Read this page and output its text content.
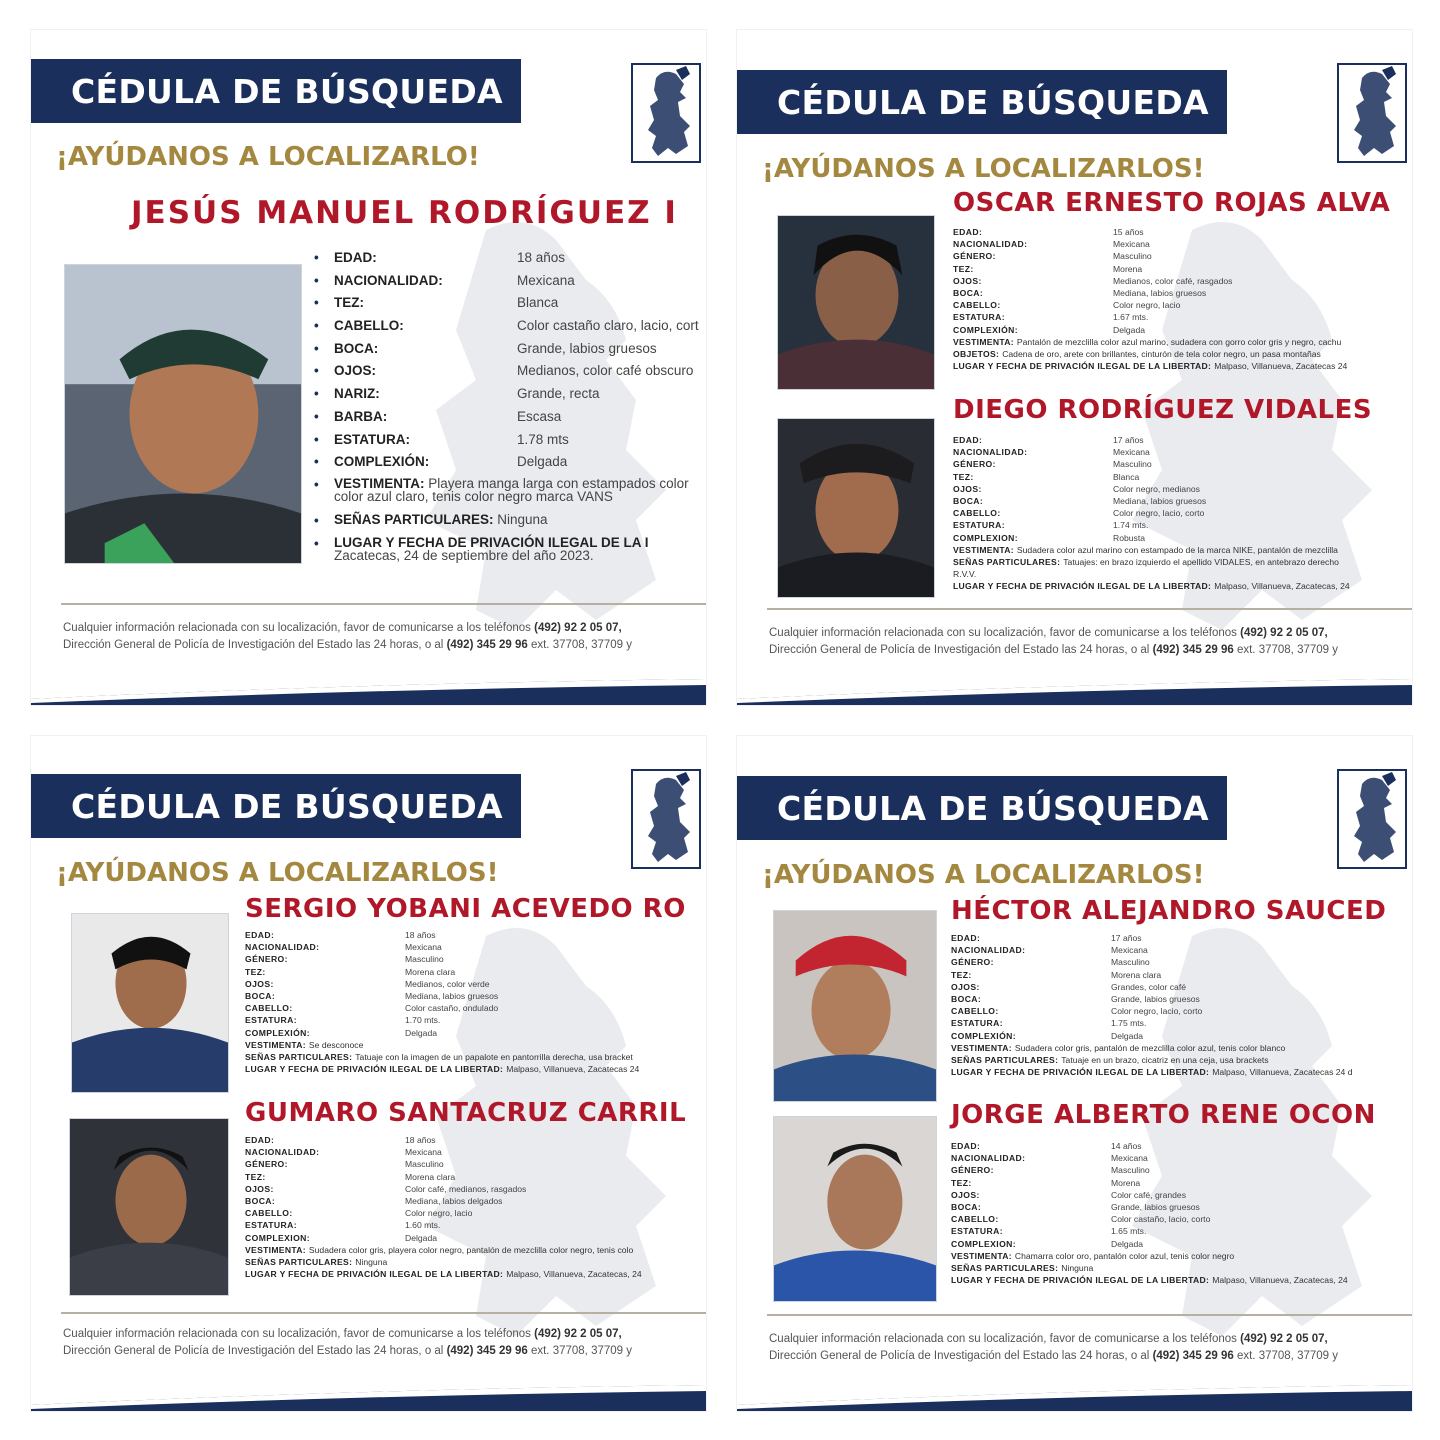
CÉDULA DE BÚSQUEDA
¡AYÚDANOS A LOCALIZARLO!
JESÚS MANUEL RODRÍGUEZ I
•	EDAD:	18 años
•	NACIONALIDAD:	Mexicana
•	TEZ:	Blanca
•	CABELLO:	Color castaño claro, lacio, cort
•	BOCA:	Grande, labios gruesos
•	OJOS:	Medianos, color café obscuro
•	NARIZ:	Grande, recta
•	BARBA:	Escasa
•	ESTATURA:	1.78 mts
•	COMPLEXIÓN:	Delgada
•	VESTIMENTA: Playera manga larga con estampados color
color azul claro, tenis color negro marca VANS
•	SEÑAS PARTICULARES: Ninguna
•	LUGAR Y FECHA DE PRIVACIÓN ILEGAL DE LA I
Zacatecas, 24 de septiembre del año 2023.
Cualquier información relacionada con su localización, favor de comunicarse a los teléfonos (492) 92 2 05 07,
Dirección General de Policía de Investigación del Estado las 24 horas, o al (492) 345 29 96 ext. 37708, 37709 y
CÉDULA DE BÚSQUEDA
¡AYÚDANOS A LOCALIZARLOS!
OSCAR ERNESTO ROJAS ALVA
EDAD:	15 años
NACIONALIDAD:	Mexicana
GÉNERO:	Masculino
TEZ:	Morena
OJOS:	Medianos, color café, rasgados
BOCA:	Mediana, labios gruesos
CABELLO:	Color negro, lacio
ESTATURA:	1.67 mts.
COMPLEXIÓN:	Delgada
VESTIMENTA: Pantalón de mezclilla color azul marino, sudadera con gorro color gris y negro, cachu
OBJETOS: Cadena de oro, arete con brillantes, cinturón de tela color negro, un pasa montañas
LUGAR Y FECHA DE PRIVACIÓN ILEGAL DE LA LIBERTAD: Malpaso, Villanueva, Zacatecas 24
DIEGO RODRÍGUEZ VIDALES
EDAD:	17 años
NACIONALIDAD:	Mexicana
GÉNERO:	Masculino
TEZ:	Blanca
OJOS:	Color negro, medianos
BOCA:	Mediana, labios gruesos
CABELLO:	Color negro, lacio, corto
ESTATURA:	1.74 mts.
COMPLEXION:	Robusta
VESTIMENTA: Sudadera color azul marino con estampado de la marca NIKE, pantalón de mezclilla
SEÑAS PARTICULARES: Tatuajes: en brazo izquierdo el apellido VIDALES, en antebrazo derecho
R.V.V.
LUGAR Y FECHA DE PRIVACIÓN ILEGAL DE LA LIBERTAD: Malpaso, Villanueva, Zacatecas, 24
Cualquier información relacionada con su localización, favor de comunicarse a los teléfonos (492) 92 2 05 07,
Dirección General de Policía de Investigación del Estado las 24 horas, o al (492) 345 29 96 ext. 37708, 37709 y
CÉDULA DE BÚSQUEDA
¡AYÚDANOS A LOCALIZARLOS!
SERGIO YOBANI ACEVEDO RO
EDAD:	18 años
NACIONALIDAD:	Mexicana
GÉNERO:	Masculino
TEZ:	Morena clara
OJOS:	Medianos, color verde
BOCA:	Mediana, labios gruesos
CABELLO:	Color castaño, ondulado
ESTATURA:	1.70 mts.
COMPLEXIÓN:	Delgada
VESTIMENTA: Se desconoce
SEÑAS PARTICULARES: Tatuaje con la imagen de un papalote en pantorrilla derecha, usa bracket
LUGAR Y FECHA DE PRIVACIÓN ILEGAL DE LA LIBERTAD: Malpaso, Villanueva, Zacatecas 24
GUMARO SANTACRUZ CARRIL
EDAD:	18 años
NACIONALIDAD:	Mexicana
GÉNERO:	Masculino
TEZ:	Morena clara
OJOS:	Color café, medianos, rasgados
BOCA:	Mediana, labios delgados
CABELLO:	Color negro, lacio
ESTATURA:	1.60 mts.
COMPLEXION:	Delgada
VESTIMENTA: Sudadera color gris, playera color negro, pantalón de mezclilla color negro, tenis colo
SEÑAS PARTICULARES: Ninguna
LUGAR Y FECHA DE PRIVACIÓN ILEGAL DE LA LIBERTAD: Malpaso, Villanueva, Zacatecas, 24
Cualquier información relacionada con su localización, favor de comunicarse a los teléfonos (492) 92 2 05 07,
Dirección General de Policía de Investigación del Estado las 24 horas, o al (492) 345 29 96 ext. 37708, 37709 y
CÉDULA DE BÚSQUEDA
¡AYÚDANOS A LOCALIZARLOS!
HÉCTOR ALEJANDRO SAUCED
EDAD:	17 años
NACIONALIDAD:	Mexicana
GÉNERO:	Masculino
TEZ:	Morena clara
OJOS:	Grandes, color café
BOCA:	Grande, labios gruesos
CABELLO:	Color negro, lacio, corto
ESTATURA:	1.75 mts.
COMPLEXIÓN:	Delgada
VESTIMENTA: Sudadera color gris, pantalón de mezclilla color azul, tenis color blanco
SEÑAS PARTICULARES: Tatuaje en un brazo, cicatriz en una ceja, usa brackets
LUGAR Y FECHA DE PRIVACIÓN ILEGAL DE LA LIBERTAD: Malpaso, Villanueva, Zacatecas 24 d
JORGE ALBERTO RENE OCON
EDAD:	14 años
NACIONALIDAD:	Mexicana
GÉNERO:	Masculino
TEZ:	Morena
OJOS:	Color café, grandes
BOCA:	Grande, labios gruesos
CABELLO:	Color castaño, lacio, corto
ESTATURA:	1.65 mts.
COMPLEXION:	Delgada
VESTIMENTA: Chamarra color oro, pantalón color azul, tenis color negro
SEÑAS PARTICULARES: Ninguna
LUGAR Y FECHA DE PRIVACIÓN ILEGAL DE LA LIBERTAD: Malpaso, Villanueva, Zacatecas, 24
Cualquier información relacionada con su localización, favor de comunicarse a los teléfonos (492) 92 2 05 07,
Dirección General de Policía de Investigación del Estado las 24 horas, o al (492) 345 29 96 ext. 37708, 37709 y
